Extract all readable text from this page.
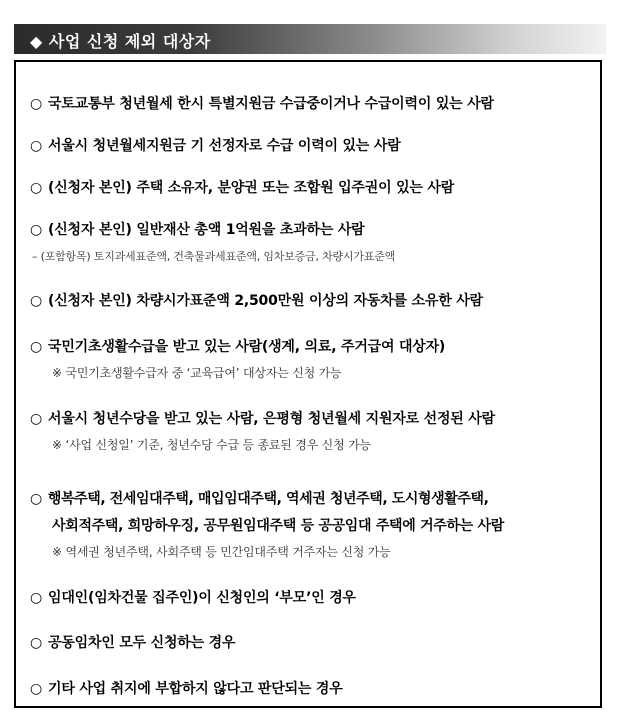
◆ 사업 신청 제외 대상자
○ 국토교통부 청년월세 한시 특별지원금 수급중이거나 수급이력이 있는 사람
○ 서울시 청년월세지원금 기 선정자로 수급 이력이 있는 사람
○ (신청자 본인) 주택 소유자, 분양권 또는 조합원 입주권이 있는 사람
○ (신청자 본인) 일반재산 총액 1억원을 초과하는 사람
– (포함항목) 토지과세표준액, 건축물과세표준액, 임차보증금, 차량시가표준액
○ (신청자 본인) 차량시가표준액 2,500만원 이상의 자동차를 소유한 사람
○ 국민기초생활수급을 받고 있는 사람(생계, 의료, 주거급여 대상자)
※ 국민기초생활수급자 중 ‘교육급여’ 대상자는 신청 가능
○ 서울시 청년수당을 받고 있는 사람, 은평형 청년월세 지원자로 선정된 사람
※ ‘사업 신청일’ 기준, 청년수당 수급 등 종료된 경우 신청 가능
○ 행복주택, 전세임대주택, 매입임대주택, 역세권 청년주택, 도시형생활주택,
사회적주택, 희망하우징, 공무원임대주택 등 공공임대 주택에 거주하는 사람
※ 역세권 청년주택, 사회주택 등 민간임대주택 거주자는 신청 가능
○ 임대인(임차건물 집주인)이 신청인의 ‘부모’인 경우
○ 공동임차인 모두 신청하는 경우
○ 기타 사업 취지에 부합하지 않다고 판단되는 경우
